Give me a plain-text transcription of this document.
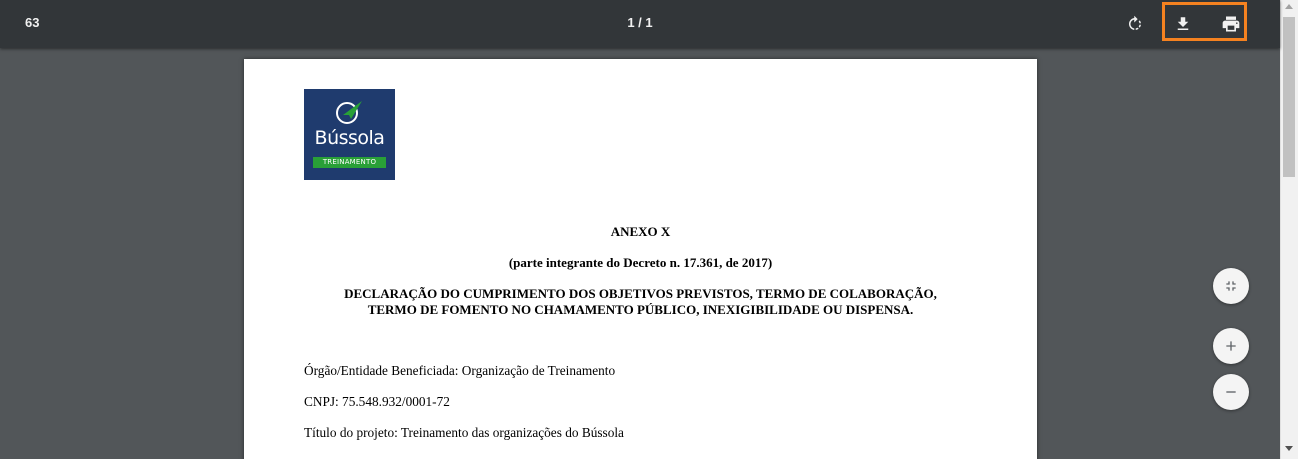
63	1 / 1
Bússola
TREINAMENTO
ANEXO X
(parte integrante do Decreto n. 17.361, de 2017)
DECLARAÇÃO DO CUMPRIMENTO DOS OBJETIVOS PREVISTOS, TERMO DE COLABORAÇÃO,
TERMO DE FOMENTO NO CHAMAMENTO PÚBLICO, INEXIGIBILIDADE OU DISPENSA.
Órgão/Entidade Beneficiada: Organização de Treinamento
CNPJ: 75.548.932/0001-72
Título do projeto: Treinamento das organizações do Bússola
